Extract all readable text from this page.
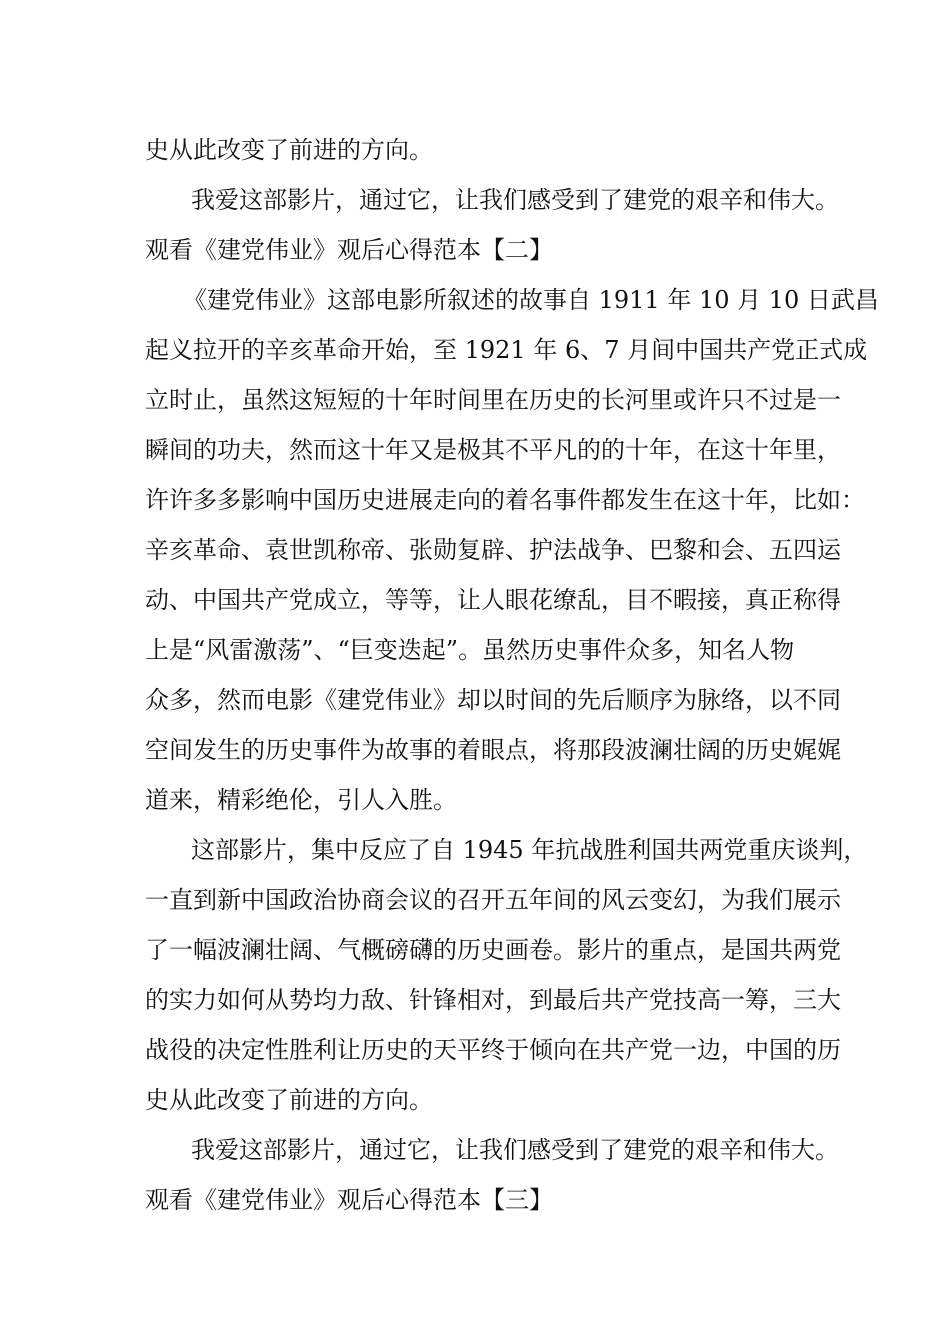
史从此改变了前进的方向。
我爱这部影片，通过它，让我们感受到了建党的艰辛和伟大。
观看《建党伟业》观后心得范本【二】
《建党伟业》这部电影所叙述的故事自 1911 年 10 月 10 日武昌
起义拉开的辛亥革命开始，至 1921 年 6、7 月间中国共产党正式成
立时止，虽然这短短的十年时间里在历史的长河里或许只不过是一
瞬间的功夫，然而这十年又是极其不平凡的的十年，在这十年里，
许许多多影响中国历史进展走向的着名事件都发生在这十年，比如：
辛亥革命、袁世凯称帝、张勋复辟、护法战争、巴黎和会、五四运
动、中国共产党成立，等等，让人眼花缭乱，目不暇接，真正称得
上是“风雷激荡”、“巨变迭起”。虽然历史事件众多，知名人物
众多，然而电影《建党伟业》却以时间的先后顺序为脉络，以不同
空间发生的历史事件为故事的着眼点，将那段波澜壮阔的历史娓娓
道来，精彩绝伦，引人入胜。
这部影片，集中反应了自 1945 年抗战胜利国共两党重庆谈判，
一直到新中国政治协商会议的召开五年间的风云变幻，为我们展示
了一幅波澜壮阔、气概磅礴的历史画卷。影片的重点，是国共两党
的实力如何从势均力敌、针锋相对，到最后共产党技高一筹，三大
战役的决定性胜利让历史的天平终于倾向在共产党一边，中国的历
史从此改变了前进的方向。
我爱这部影片，通过它，让我们感受到了建党的艰辛和伟大。
观看《建党伟业》观后心得范本【三】
